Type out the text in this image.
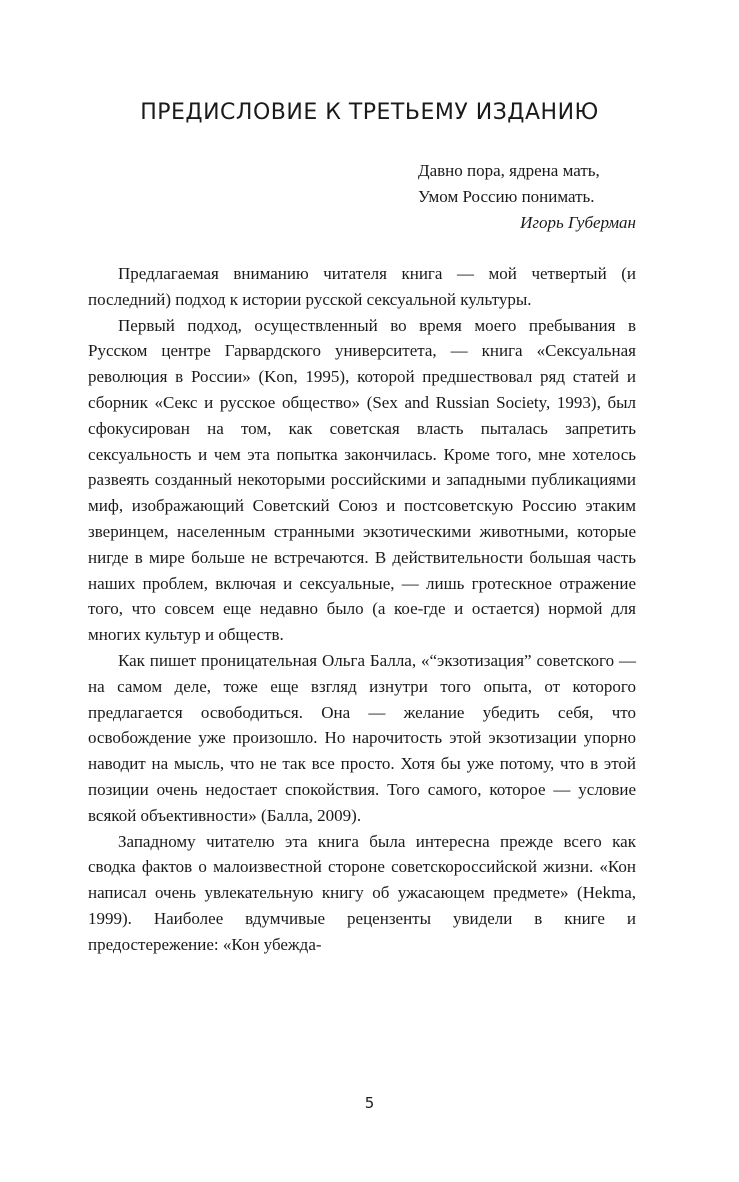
ПРЕДИСЛОВИЕ К ТРЕТЬЕМУ ИЗДАНИЮ
Давно пора, ядрена мать,
Умом Россию понимать.
Игорь Губерман

Предлагаемая вниманию читателя книга — мой четвертый (и последний) подход к истории русской сексуальной культуры.

Первый подход, осуществленный во время моего пребывания в Русском центре Гарвардского университета, — книга «Сексуальная революция в России» (Kon, 1995), которой предшествовал ряд статей и сборник «Секс и русское общество» (Sex and Russian Society, 1993), был сфокусирован на том, как советская власть пыталась запретить сексуальность и чем эта попытка закончилась. Кроме того, мне хотелось развеять созданный некоторыми российскими и западными публикациями миф, изображающий Советский Союз и постсоветскую Россию этаким зверинцем, населенным странными экзотическими животными, которые нигде в мире больше не встречаются. В действительности большая часть наших проблем, включая и сексуальные, — лишь гротескное отражение того, что совсем еще недавно было (а кое-где и остается) нормой для многих культур и обществ.

Как пишет проницательная Ольга Балла, «“экзотизация” советского — на самом деле, тоже еще взгляд изнутри того опыта, от которого предлагается освободиться. Она — желание убедить себя, что освобождение уже произошло. Но нарочитость этой экзотизации упорно наводит на мысль, что не так все просто. Хотя бы уже потому, что в этой позиции очень недостает спокойствия. Того самого, которое — условие всякой объективности» (Балла, 2009).

Западному читателю эта книга была интересна прежде всего как сводка фактов о малоизвестной стороне советскороссийской жизни. «Кон написал очень увлекательную книгу об ужасающем предмете» (Hekma, 1999). Наиболее вдумчивые рецензенты увидели в книге и предостережение: «Кон убежда-

5
